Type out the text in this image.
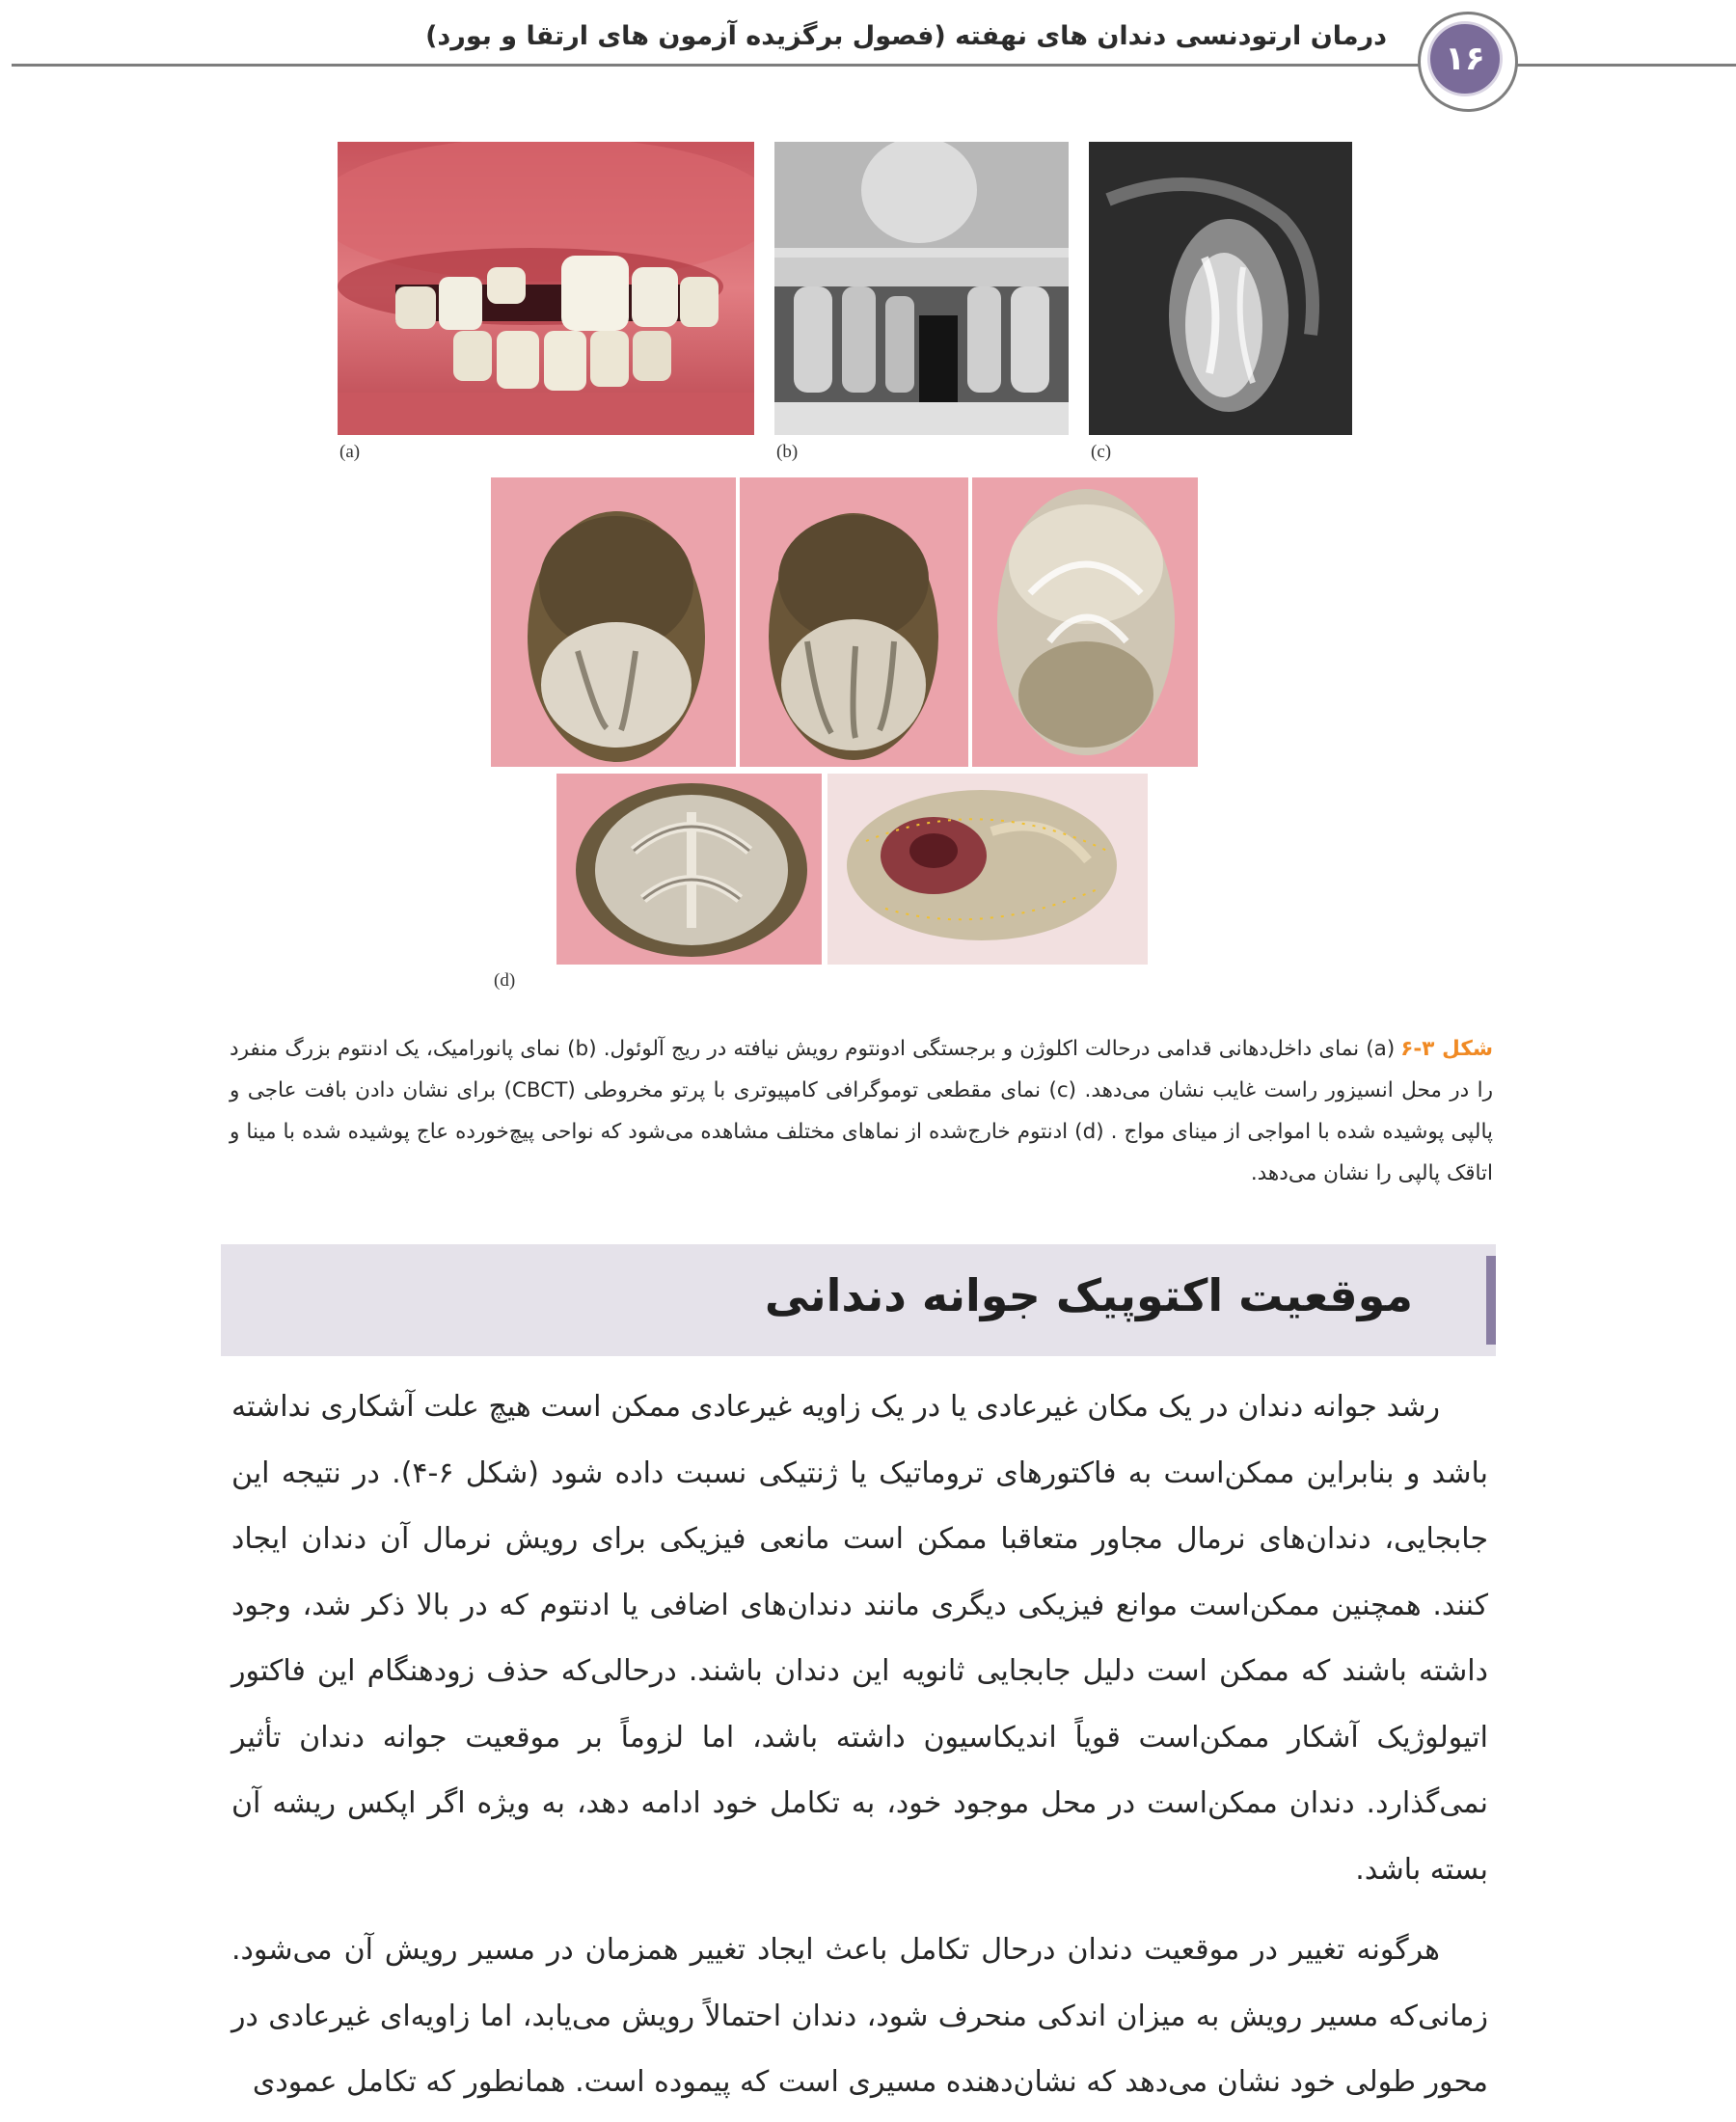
درمان ارتودنسی دندان های نهفته (فصول برگزیده آزمون های ارتقا و بورد)
۱۶
(a)	(b)	(c)
(d)
شکل ۳-۶(a) نمای داخل‌دهانی قدامی درحالت اکلوژن و برجستگی ادونتوم رویش نیافته در ریج آلوئول. (b) نمای پانورامیک، یک ادنتوم بزرگ منفرد را در محل انسیزور راست غایب نشان می‌دهد. (c) نمای مقطعی توموگرافی کامپیوتری با پرتو مخروطی (CBCT) برای نشان دادن بافت عاجی و پالپی پوشیده شده با امواجی از مینای مواج . (d) ادنتوم خارج‌شده از نماهای مختلف مشاهده می‌شود که نواحی پیچ‌خورده عاج پوشیده شده با مینا و اتاقک پالپی را نشان می‌دهد.
موقعیت اکتوپیک جوانه دندانی

رشد جوانه دندان در یک مکان غیرعادی یا در یک زاویه غیرعادی ممکن است هیچ علت آشکاری نداشته باشد و بنابراین ممکن‌است به فاکتورهای تروماتیک یا ژنتیکی نسبت داده شود (شکل ۶-۴). در نتیجه این جابجایی، دندان‌های نرمال مجاور متعاقبا ممکن است مانعی فیزیکی برای رویش نرمال آن دندان ایجاد کنند. همچنین ممکن‌است موانع فیزیکی دیگری مانند دندان‌های اضافی یا ادنتوم که در بالا ذکر شد، وجود داشته باشند که ممکن است دلیل جابجایی ثانویه این دندان باشند. درحالی‌که حذف زودهنگام این فاکتور اتیولوژیک آشکار ممکن‌است قویاً اندیکاسیون داشته باشد، اما لزوماً بر موقعیت جوانه دندان تأثیر نمی‌گذارد. دندان ممکن‌است در محل موجود خود، به تکامل خود ادامه دهد، به ویژه اگر اپکس ریشه آن بسته باشد.

هرگونه تغییر در موقعیت دندان درحال تکامل باعث ایجاد تغییر همزمان در مسیر رویش آن می‌شود. زمانی‌که مسیر رویش به میزان اندکی منحرف شود، دندان احتمالاً رویش می‌یابد، اما زاویه‌ای غیرعادی در محور طولی خود نشان می‌دهد که نشان‌دهنده مسیری است که پیموده است. همانطور که تکامل عمودی
